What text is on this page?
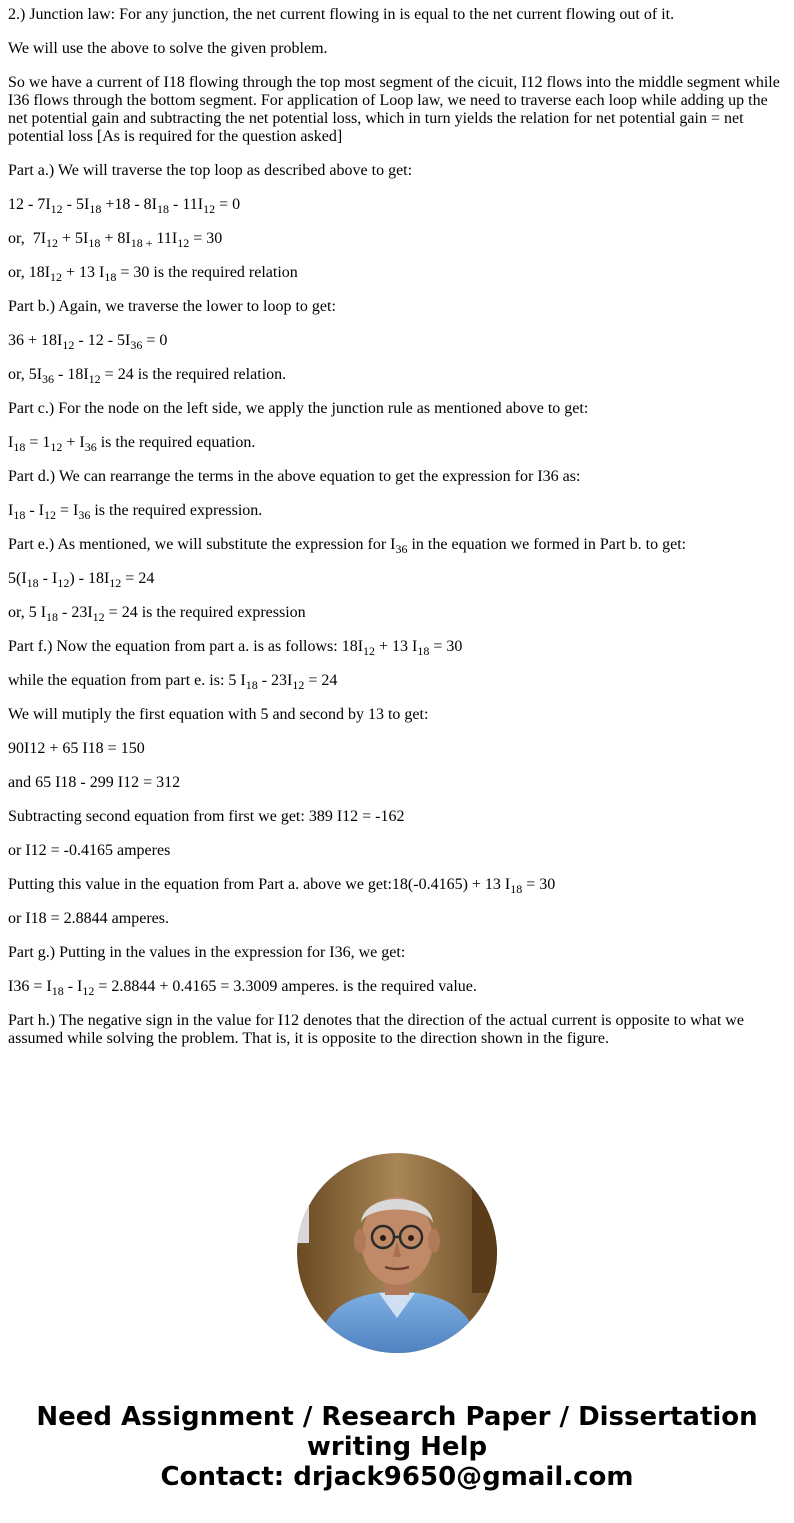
2.) Junction law: For any junction, the net current flowing in is equal to the net current flowing out of it.

We will use the above to solve the given problem.

So we have a current of I18 flowing through the top most segment of the cicuit, I12 flows into the middle segment while I36 flows through the bottom segment. For application of Loop law, we need to traverse each loop while adding up the net potential gain and subtracting the net potential loss, which in turn yields the relation for net potential gain = net potential loss [As is required for the question asked]

Part a.) We will traverse the top loop as described above to get:

$12 - 7I_{12} - 5I_{18} +18 - 8I_{18} - 11I_{12} = 0$

or,  $7I_{12} + 5I_{18} + 8I_{18 +}$ $11I_{12} = 30$

or, $18I_{12} + 13$ $I_{18} = 30$ is the required relation

Part b.) Again, we traverse the lower to loop to get:

$36 + 18I_{12} - 12 - 5I_{36} = 0$

or, $5I_{36} - 18I_{12} = 24$ is the required relation.

Part c.) For the node on the left side, we apply the junction rule as mentioned above to get:

$I_{18} = 1_{12} + I_{36}$ is the required equation.

Part d.) We can rearrange the terms in the above equation to get the expression for I36 as:

$I_{18} - I_{12} = I_{36}$ is the required expression.

Part e.) As mentioned, we will substitute the expression for $I_{36}$ in the equation we formed in Part b. to get:

$5(I_{18} - I_{12}) - 18I_{12} = 24$

or, 5 $I_{18} - 23I_{12} = 24$ is the required expression

Part f.) Now the equation from part a. is as follows: $18I_{12} + 13$ $I_{18} = 30$

while the equation from part e. is: 5 $I_{18} - 23I_{12} = 24$

We will mutiply the first equation with 5 and second by 13 to get:

90I12 + 65 I18 = 150

and 65 I18 - 299 I12 = 312

Subtracting second equation from first we get: 389 I12 = -162

or I12 = -0.4165 amperes

Putting this value in the equation from Part a. above we get:18(-0.4165) + 13 $I_{18} = 30$

or I18 = 2.8844 amperes.

Part g.) Putting in the values in the expression for I36, we get:

$I36 = I_{18} - I_{12} = 2.8844 + 0.4165 = 3.3009$ amperes. is the required value.

Part h.) The negative sign in the value for I12 denotes that the direction of the actual current is opposite to what we assumed while solving the problem. That is, it is opposite to the direction shown in the figure.

Need Assignment / Research Paper / Dissertation
writing Help
Contact: drjack9650@gmail.com
